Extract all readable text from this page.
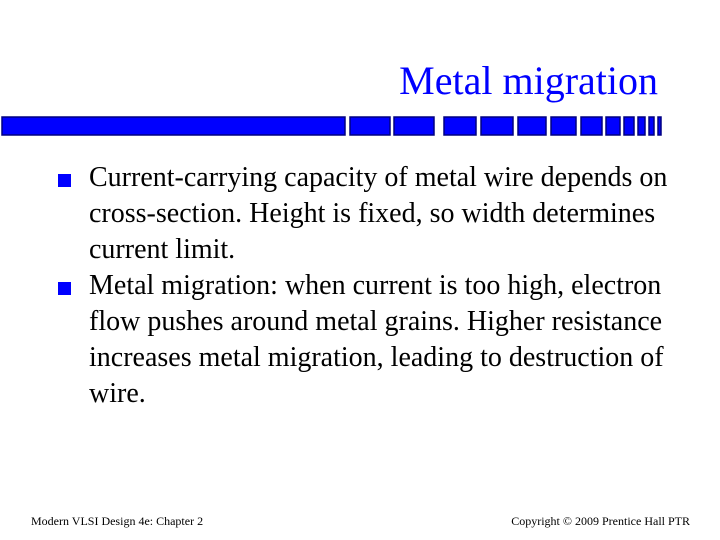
Metal migration
Current-carrying capacity of metal wire depends on cross-section. Height is fixed, so width determines current limit.
Metal migration: when current is too high, electron flow pushes around metal grains. Higher resistance increases metal migration, leading to destruction of wire.
Modern VLSI Design 4e: Chapter 2	Copyright © 2009 Prentice Hall PTR
